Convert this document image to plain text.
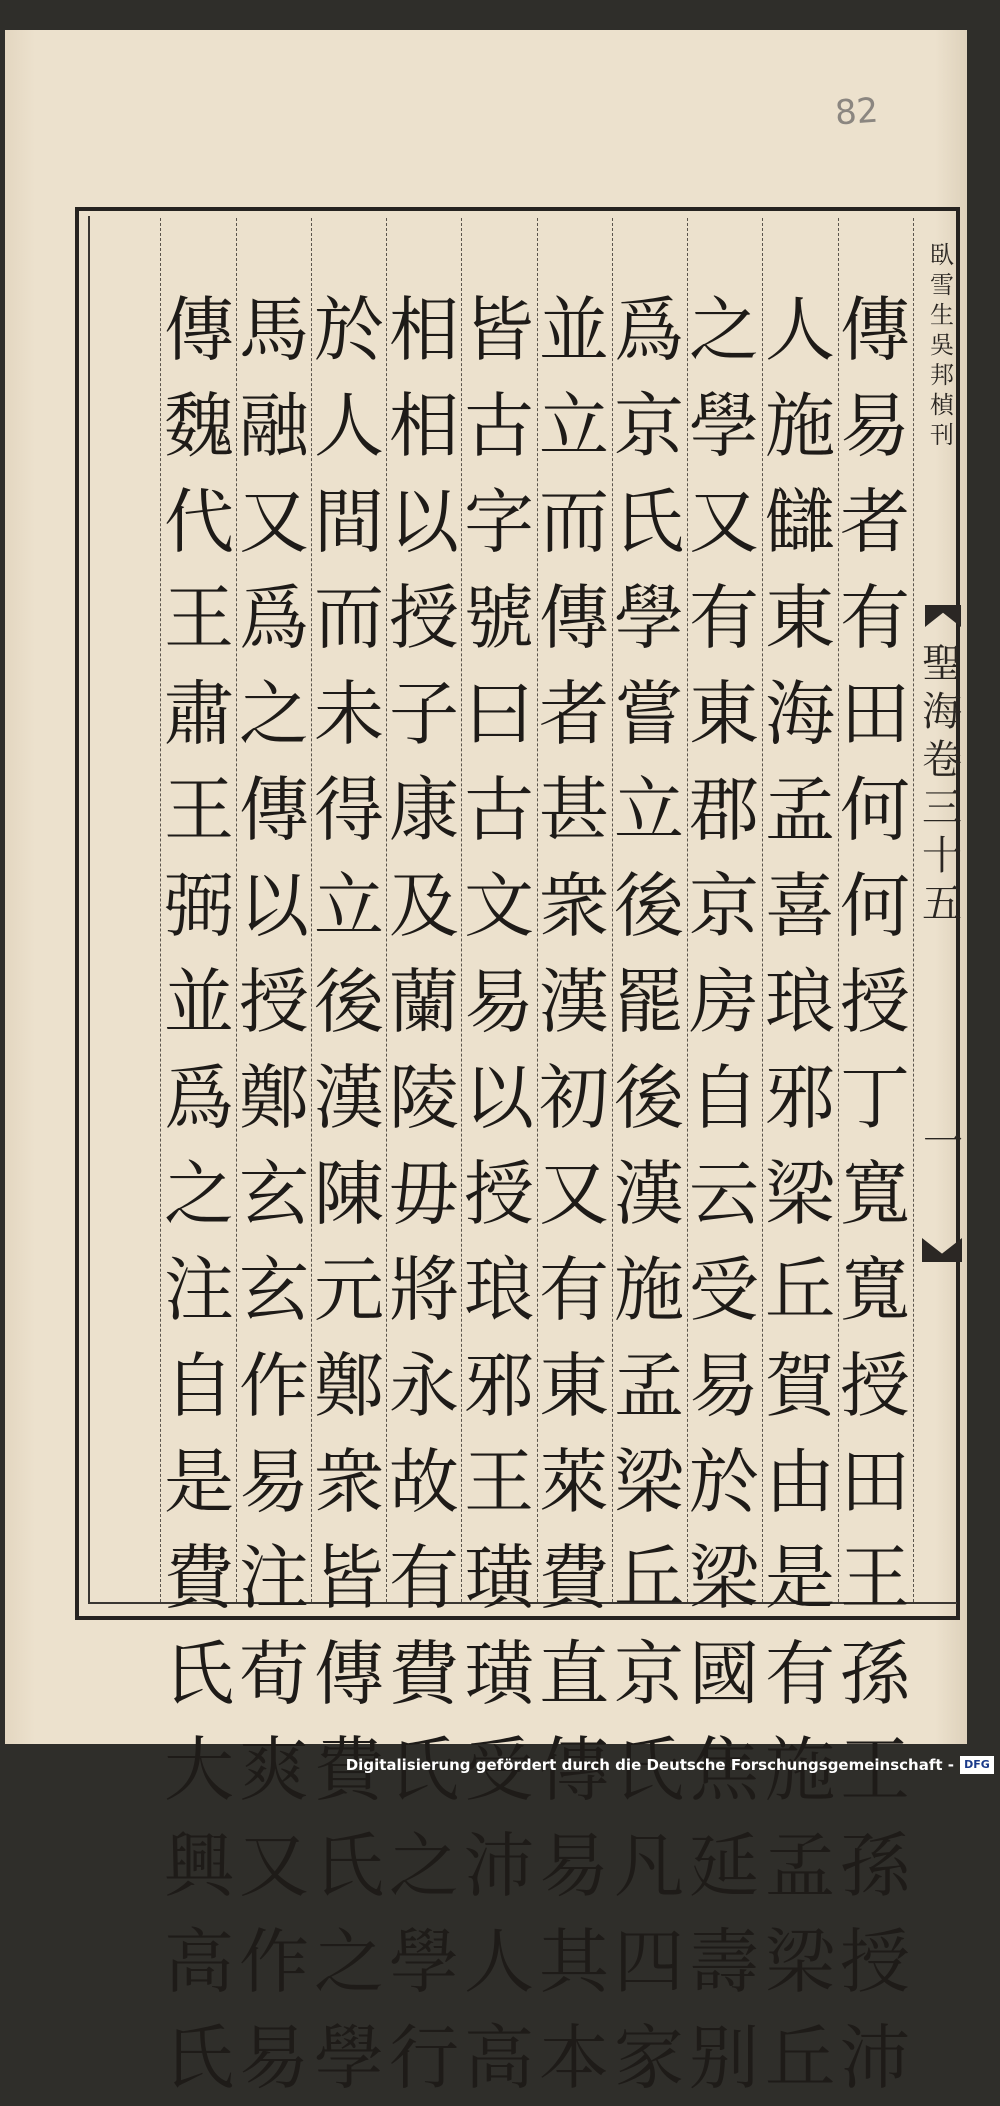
82
傳
易
者
有
田
何
何
授
丁
寬
寬
授
田
王
孫
王
孫
授
沛
人
施
讎
東
海
孟
喜
琅
邪
梁
丘
賀
由
是
有
施
孟
梁
丘
之
學
又
有
東
郡
京
房
自
云
受
易
於
梁
國
焦
延
壽
别
爲
京
氏
學
嘗
立
後
罷
後
漢
施
孟
梁
丘
京
氏
凡
四
家
並
立
而
傳
者
甚
衆
漢
初
又
有
東
萊
費
直
傳
易
其
本
皆
古
字
號
曰
古
文
易
以
授
琅
邪
王
璜
璜
受
沛
人
高
相
相
以
授
子
康
及
蘭
陵
毋
將
永
故
有
費
氏
之
學
行
於
人
間
而
未
得
立
後
漢
陳
元
鄭
衆
皆
傳
費
氏
之
學
馬
融
又
爲
之
傳
以
授
鄭
玄
玄
作
易
注
荀
爽
又
作
易
傳
魏
代
王
肅
王
弼
並
爲
之
注
自
是
費
氏
大
興
高
氏
臥
雪
生
吳
邦
楨
刊
聖
海
卷
三
十
五
一
Digitalisierung gefördert durch die Deutsche Forschungsgemeinschaft - DFG
